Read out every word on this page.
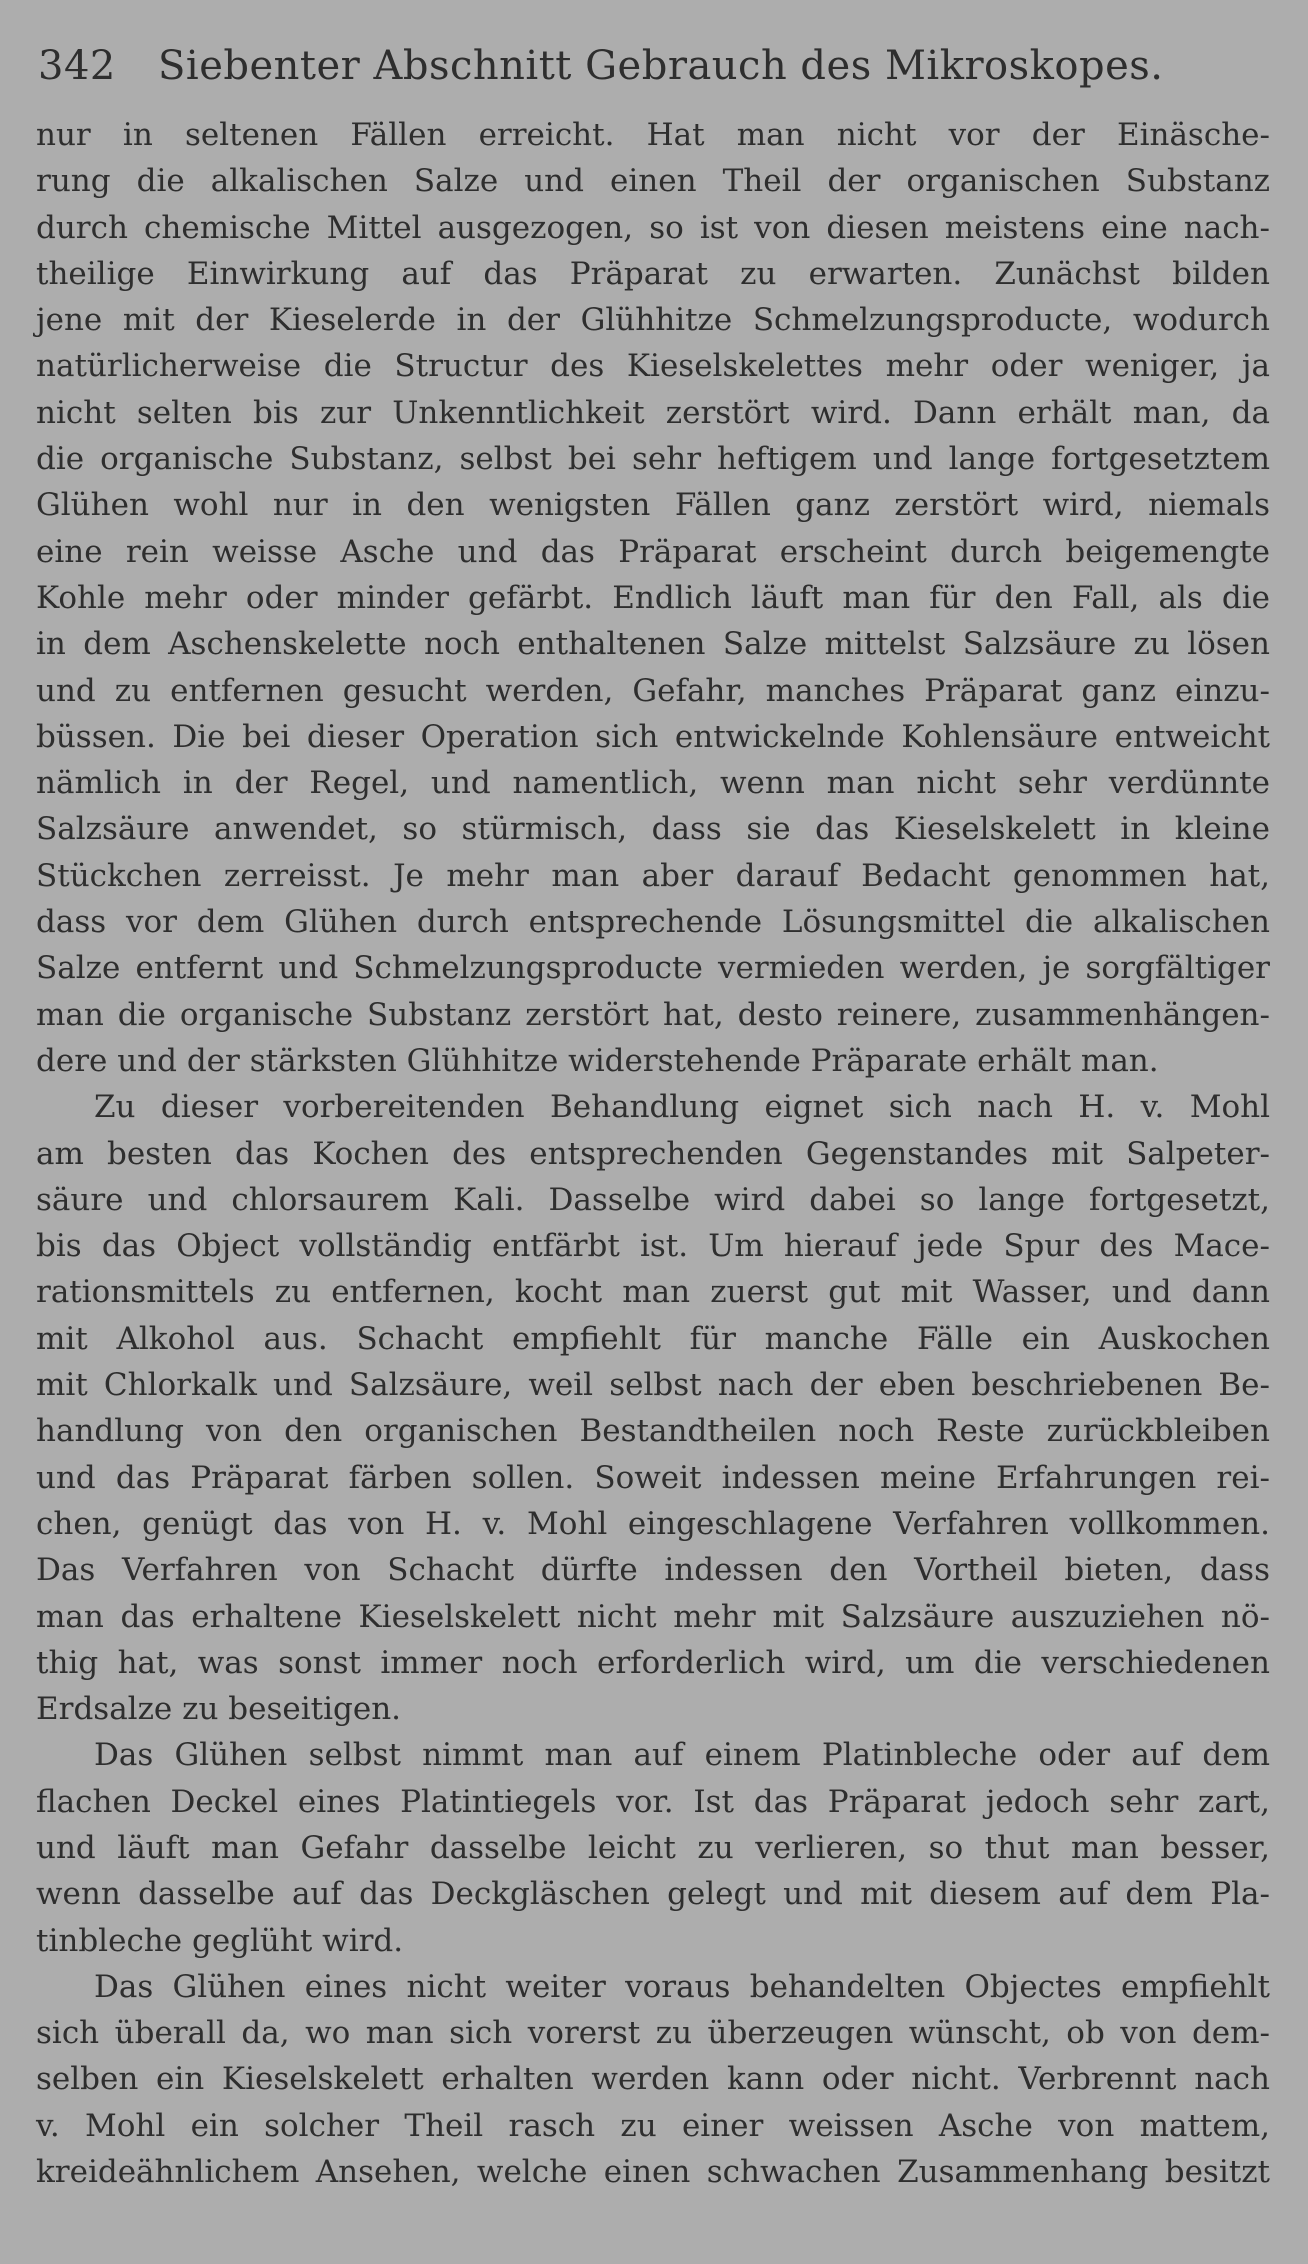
342 Siebenter Abschnitt Gebrauch des Mikroskopes.
nur in seltenen Fällen erreicht. Hat man nicht vor der Einäsche-
rung die alkalischen Salze und einen Theil der organischen Substanz
durch chemische Mittel ausgezogen, so ist von diesen meistens eine nach-
theilige Einwirkung auf das Präparat zu erwarten. Zunächst bilden
jene mit der Kieselerde in der Glühhitze Schmelzungsproducte, wodurch
natürlicherweise die Structur des Kieselskelettes mehr oder weniger, ja
nicht selten bis zur Unkenntlichkeit zerstört wird. Dann erhält man, da
die organische Substanz, selbst bei sehr heftigem und lange fortgesetztem
Glühen wohl nur in den wenigsten Fällen ganz zerstört wird, niemals
eine rein weisse Asche und das Präparat erscheint durch beigemengte
Kohle mehr oder minder gefärbt. Endlich läuft man für den Fall, als die
in dem Aschenskelette noch enthaltenen Salze mittelst Salzsäure zu lösen
und zu entfernen gesucht werden, Gefahr, manches Präparat ganz einzu-
büssen. Die bei dieser Operation sich entwickelnde Kohlensäure entweicht
nämlich in der Regel, und namentlich, wenn man nicht sehr verdünnte
Salzsäure anwendet, so stürmisch, dass sie das Kieselskelett in kleine
Stückchen zerreisst. Je mehr man aber darauf Bedacht genommen hat,
dass vor dem Glühen durch entsprechende Lösungsmittel die alkalischen
Salze entfernt und Schmelzungsproducte vermieden werden, je sorgfältiger
man die organische Substanz zerstört hat, desto reinere, zusammenhängen-
dere und der stärksten Glühhitze widerstehende Präparate erhält man.
Zu dieser vorbereitenden Behandlung eignet sich nach H. v. Mohl
am besten das Kochen des entsprechenden Gegenstandes mit Salpeter-
säure und chlorsaurem Kali. Dasselbe wird dabei so lange fortgesetzt,
bis das Object vollständig entfärbt ist. Um hierauf jede Spur des Mace-
rationsmittels zu entfernen, kocht man zuerst gut mit Wasser, und dann
mit Alkohol aus. Schacht empfiehlt für manche Fälle ein Auskochen
mit Chlorkalk und Salzsäure, weil selbst nach der eben beschriebenen Be-
handlung von den organischen Bestandtheilen noch Reste zurückbleiben
und das Präparat färben sollen. Soweit indessen meine Erfahrungen rei-
chen, genügt das von H. v. Mohl eingeschlagene Verfahren vollkommen.
Das Verfahren von Schacht dürfte indessen den Vortheil bieten, dass
man das erhaltene Kieselskelett nicht mehr mit Salzsäure auszuziehen nö-
thig hat, was sonst immer noch erforderlich wird, um die verschiedenen
Erdsalze zu beseitigen.
Das Glühen selbst nimmt man auf einem Platinbleche oder auf dem
flachen Deckel eines Platintiegels vor. Ist das Präparat jedoch sehr zart,
und läuft man Gefahr dasselbe leicht zu verlieren, so thut man besser,
wenn dasselbe auf das Deckgläschen gelegt und mit diesem auf dem Pla-
tinbleche geglüht wird.
Das Glühen eines nicht weiter voraus behandelten Objectes empfiehlt
sich überall da, wo man sich vorerst zu überzeugen wünscht, ob von dem-
selben ein Kieselskelett erhalten werden kann oder nicht. Verbrennt nach
v. Mohl ein solcher Theil rasch zu einer weissen Asche von mattem,
kreideähnlichem Ansehen, welche einen schwachen Zusammenhang besitzt
